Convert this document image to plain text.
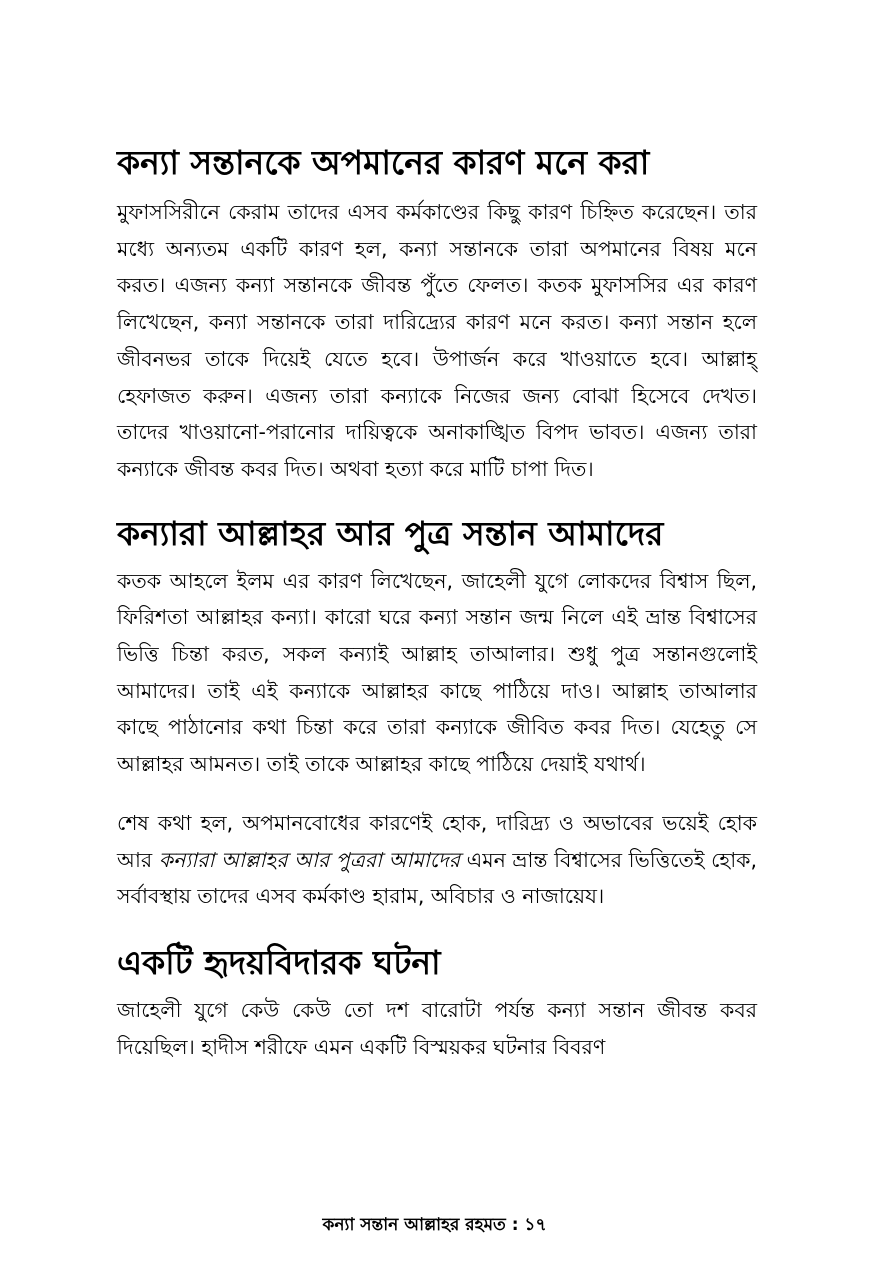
কন্যা সন্তানকে অপমানের কারণ মনে করা

মুফাসসিরীনে কেরাম তাদের এসব কর্মকাণ্ডের কিছু কারণ চিহ্নিত করেছেন। তার মধ্যে অন্যতম একটি কারণ হল, কন্যা সন্তানকে তারা অপমানের বিষয় মনে করত। এজন্য কন্যা সন্তানকে জীবন্ত পুঁতে ফেলত। কতক মুফাসসির এর কারণ লিখেছেন, কন্যা সন্তানকে তারা দারিদ্র্যের কারণ মনে করত। কন্যা সন্তান হলে জীবনভর তাকে দিয়েই যেতে হবে। উপার্জন করে খাওয়াতে হবে। আল্লাহ্‌ হেফাজত করুন। এজন্য তারা কন্যাকে নিজের জন্য বোঝা হিসেবে দেখত। তাদের খাওয়ানো-পরানোর দায়িত্বকে অনাকাঙ্খিত বিপদ ভাবত। এজন্য তারা কন্যাকে জীবন্ত কবর দিত। অথবা হত্যা করে মাটি চাপা দিত।

কন্যারা আল্লাহর আর পুত্র সন্তান আমাদের

কতক আহলে ইলম এর কারণ লিখেছেন, জাহেলী যুগে লোকদের বিশ্বাস ছিল, ফিরিশতা আল্লাহর কন্যা। কারো ঘরে কন্যা সন্তান জন্ম নিলে এই ভ্রান্ত বিশ্বাসের ভিত্তি চিন্তা করত, সকল কন্যাই আল্লাহ তাআলার। শুধু পুত্র সন্তানগুলোই আমাদের। তাই এই কন্যাকে আল্লাহর কাছে পাঠিয়ে দাও। আল্লাহ তাআলার কাছে পাঠানোর কথা চিন্তা করে তারা কন্যাকে জীবিত কবর দিত। যেহেতু সে আল্লাহর আমনত। তাই তাকে আল্লাহর কাছে পাঠিয়ে দেয়াই যথার্থ।

শেষ কথা হল, অপমানবোধের কারণেই হোক, দারিদ্র্য ও অভাবের ভয়েই হোক আর কন্যারা আল্লাহর আর পুত্ররা আমাদের এমন ভ্রান্ত বিশ্বাসের ভিত্তিতেই হোক, সর্বাবস্থায় তাদের এসব কর্মকাণ্ড হারাম, অবিচার ও নাজায়েয।

একটি হৃদয়বিদারক ঘটনা

জাহেলী যুগে কেউ কেউ তো দশ বারোটা পর্যন্ত কন্যা সন্তান জীবন্ত কবর দিয়েছিল। হাদীস শরীফে এমন একটি বিস্ময়কর ঘটনার বিবরণ

কন্যা সন্তান আল্লাহর রহমত : ১৭
